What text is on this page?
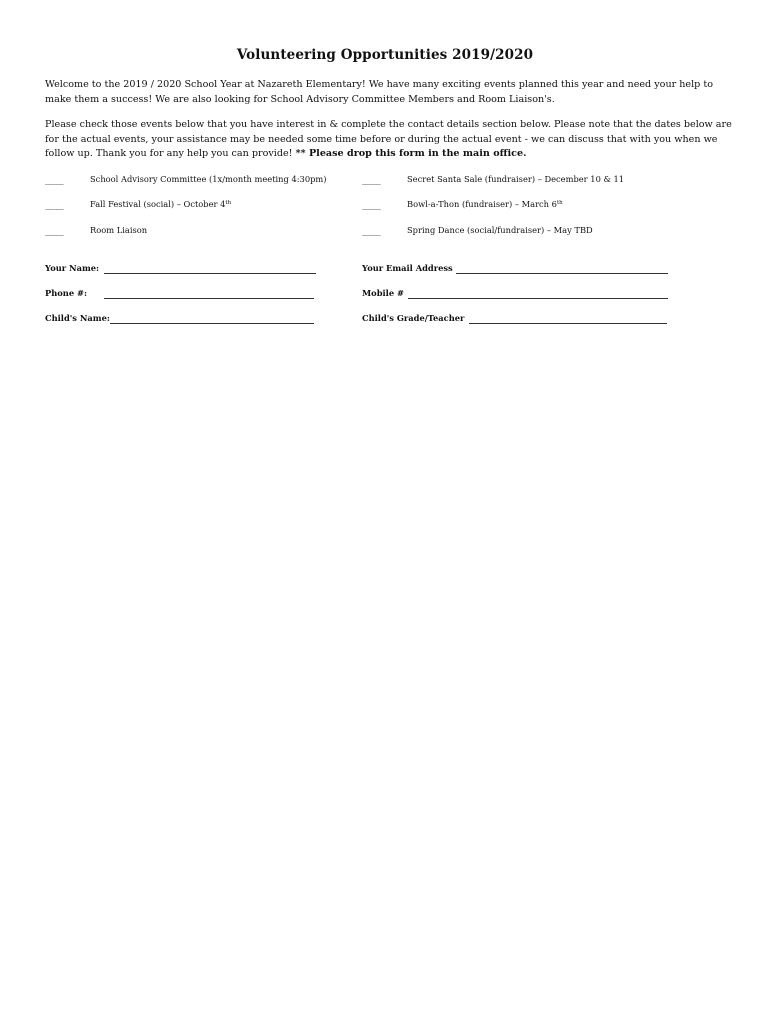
Volunteering Opportunities 2019/2020
Welcome to the 2019 / 2020 School Year at Nazareth Elementary! We have many exciting events planned this year and need your help to make them a success! We are also looking for School Advisory Committee Members and Room Liaison's.
Please check those events below that you have interest in & complete the contact details section below. Please note that the dates below are for the actual events, your assistance may be needed some time before or during the actual event - we can discuss that with you when we follow up. Thank you for any help you can provide! ** Please drop this form in the main office.
_____	School Advisory Committee (1x/month meeting 4:30pm)
_____	Fall Festival (social) – October 4th
_____	Room Liaison
_____	Secret Santa Sale (fundraiser) – December 10 & 11
_____	Bowl-a-Thon (fundraiser) – March 6th
_____	Spring Dance (social/fundraiser) – May TBD
Your Name:	Your Email Address
Phone #:	Mobile #
Child's Name:	Child's Grade/Teacher
